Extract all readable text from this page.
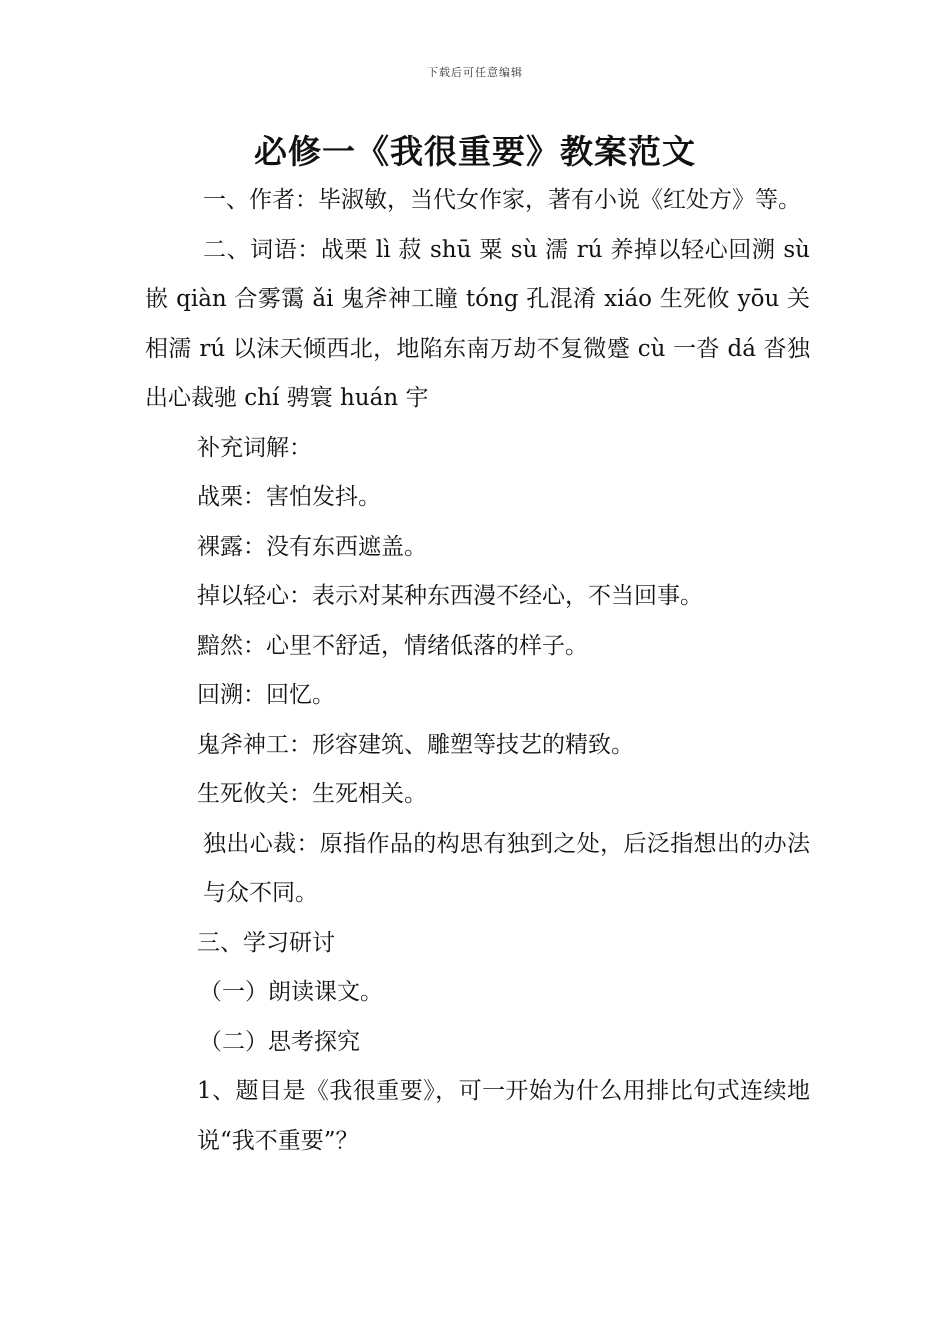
下载后可任意编辑
必修一《我很重要》教案范文

一、作者：毕淑敏，当代女作家，著有小说《红处方》等。

二、词语：战栗 lì 菽 shū 粟 sù 濡 rú 养掉以轻心回溯 sù 嵌 qiàn 合雾霭 ǎi 鬼斧神工瞳 tóng 孔混淆 xiáo 生死攸 yōu 关相濡 rú 以沫天倾西北，地陷东南万劫不复微蹙 cù 一沓 dá 沓独出心裁驰 chí 骋寰 huán 宇

补充词解：

战栗：害怕发抖。

裸露：没有东西遮盖。

掉以轻心：表示对某种东西漫不经心，不当回事。

黯然：心里不舒适，情绪低落的样子。

回溯：回忆。

鬼斧神工：形容建筑、雕塑等技艺的精致。

生死攸关：生死相关。

独出心裁：原指作品的构思有独到之处，后泛指想出的办法与众不同。

三、学习研讨

（一）朗读课文。

（二）思考探究

1、题目是《我很重要》，可一开始为什么用排比句式连续地说“我不重要”？
